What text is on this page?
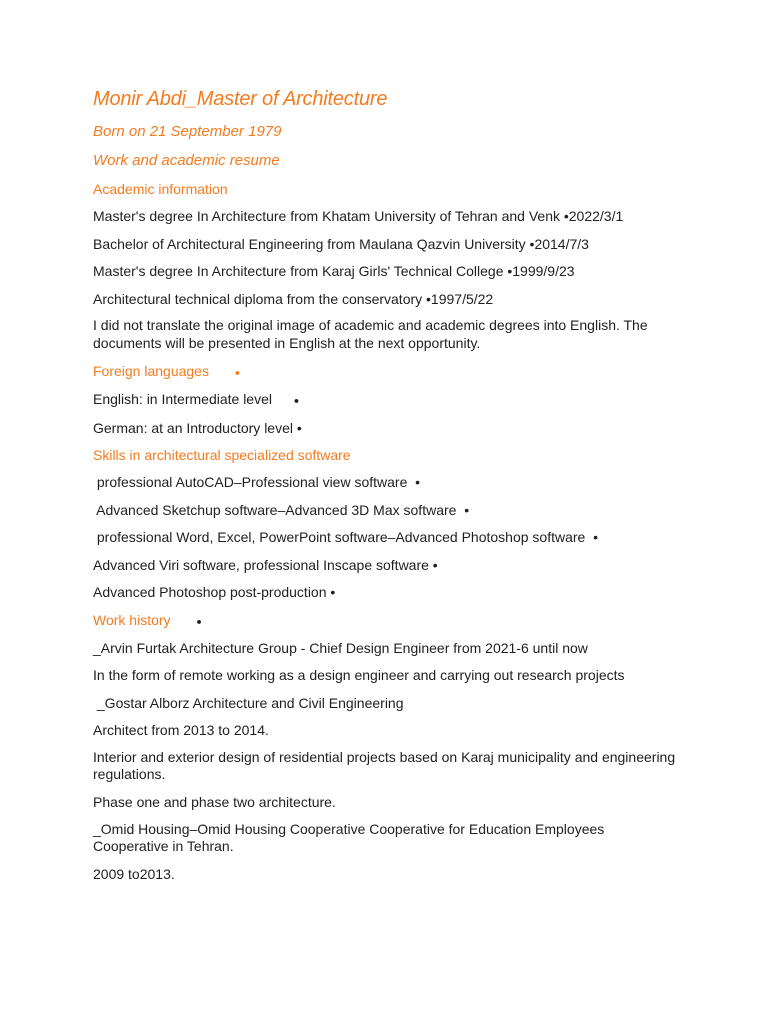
Monir Abdi_Master of Architecture
Born on 21 September 1979
Work and academic resume
Academic information
Master's degree In Architecture from Khatam University of Tehran and Venk •2022/3/1
Bachelor of Architectural Engineering from Maulana Qazvin University •2014/7/3
Master's degree In Architecture from Karaj Girls' Technical College •1999/9/23
Architectural technical diploma from the conservatory •1997/5/22
I did not translate the original image of academic and academic degrees into English. The documents will be presented in English at the next opportunity.
Foreign languages	●
English: in Intermediate level ●
German: at an Introductory level •
Skills in architectural specialized software
professional AutoCAD–Professional view software  •
Advanced Sketchup software–Advanced 3D Max software  •
professional Word, Excel, PowerPoint software–Advanced Photoshop software  •
Advanced Viri software, professional Inscape software •
Advanced Photoshop post-production •
Work history	●
_Arvin Furtak Architecture Group - Chief Design Engineer from 2021-6 until now
In the form of remote working as a design engineer and carrying out research projects
_Gostar Alborz Architecture and Civil Engineering
Architect from 2013 to 2014.
Interior and exterior design of residential projects based on Karaj municipality and engineering regulations.
Phase one and phase two architecture.
_Omid Housing–Omid Housing Cooperative Cooperative for Education Employees Cooperative in Tehran.
2009 to2013.
